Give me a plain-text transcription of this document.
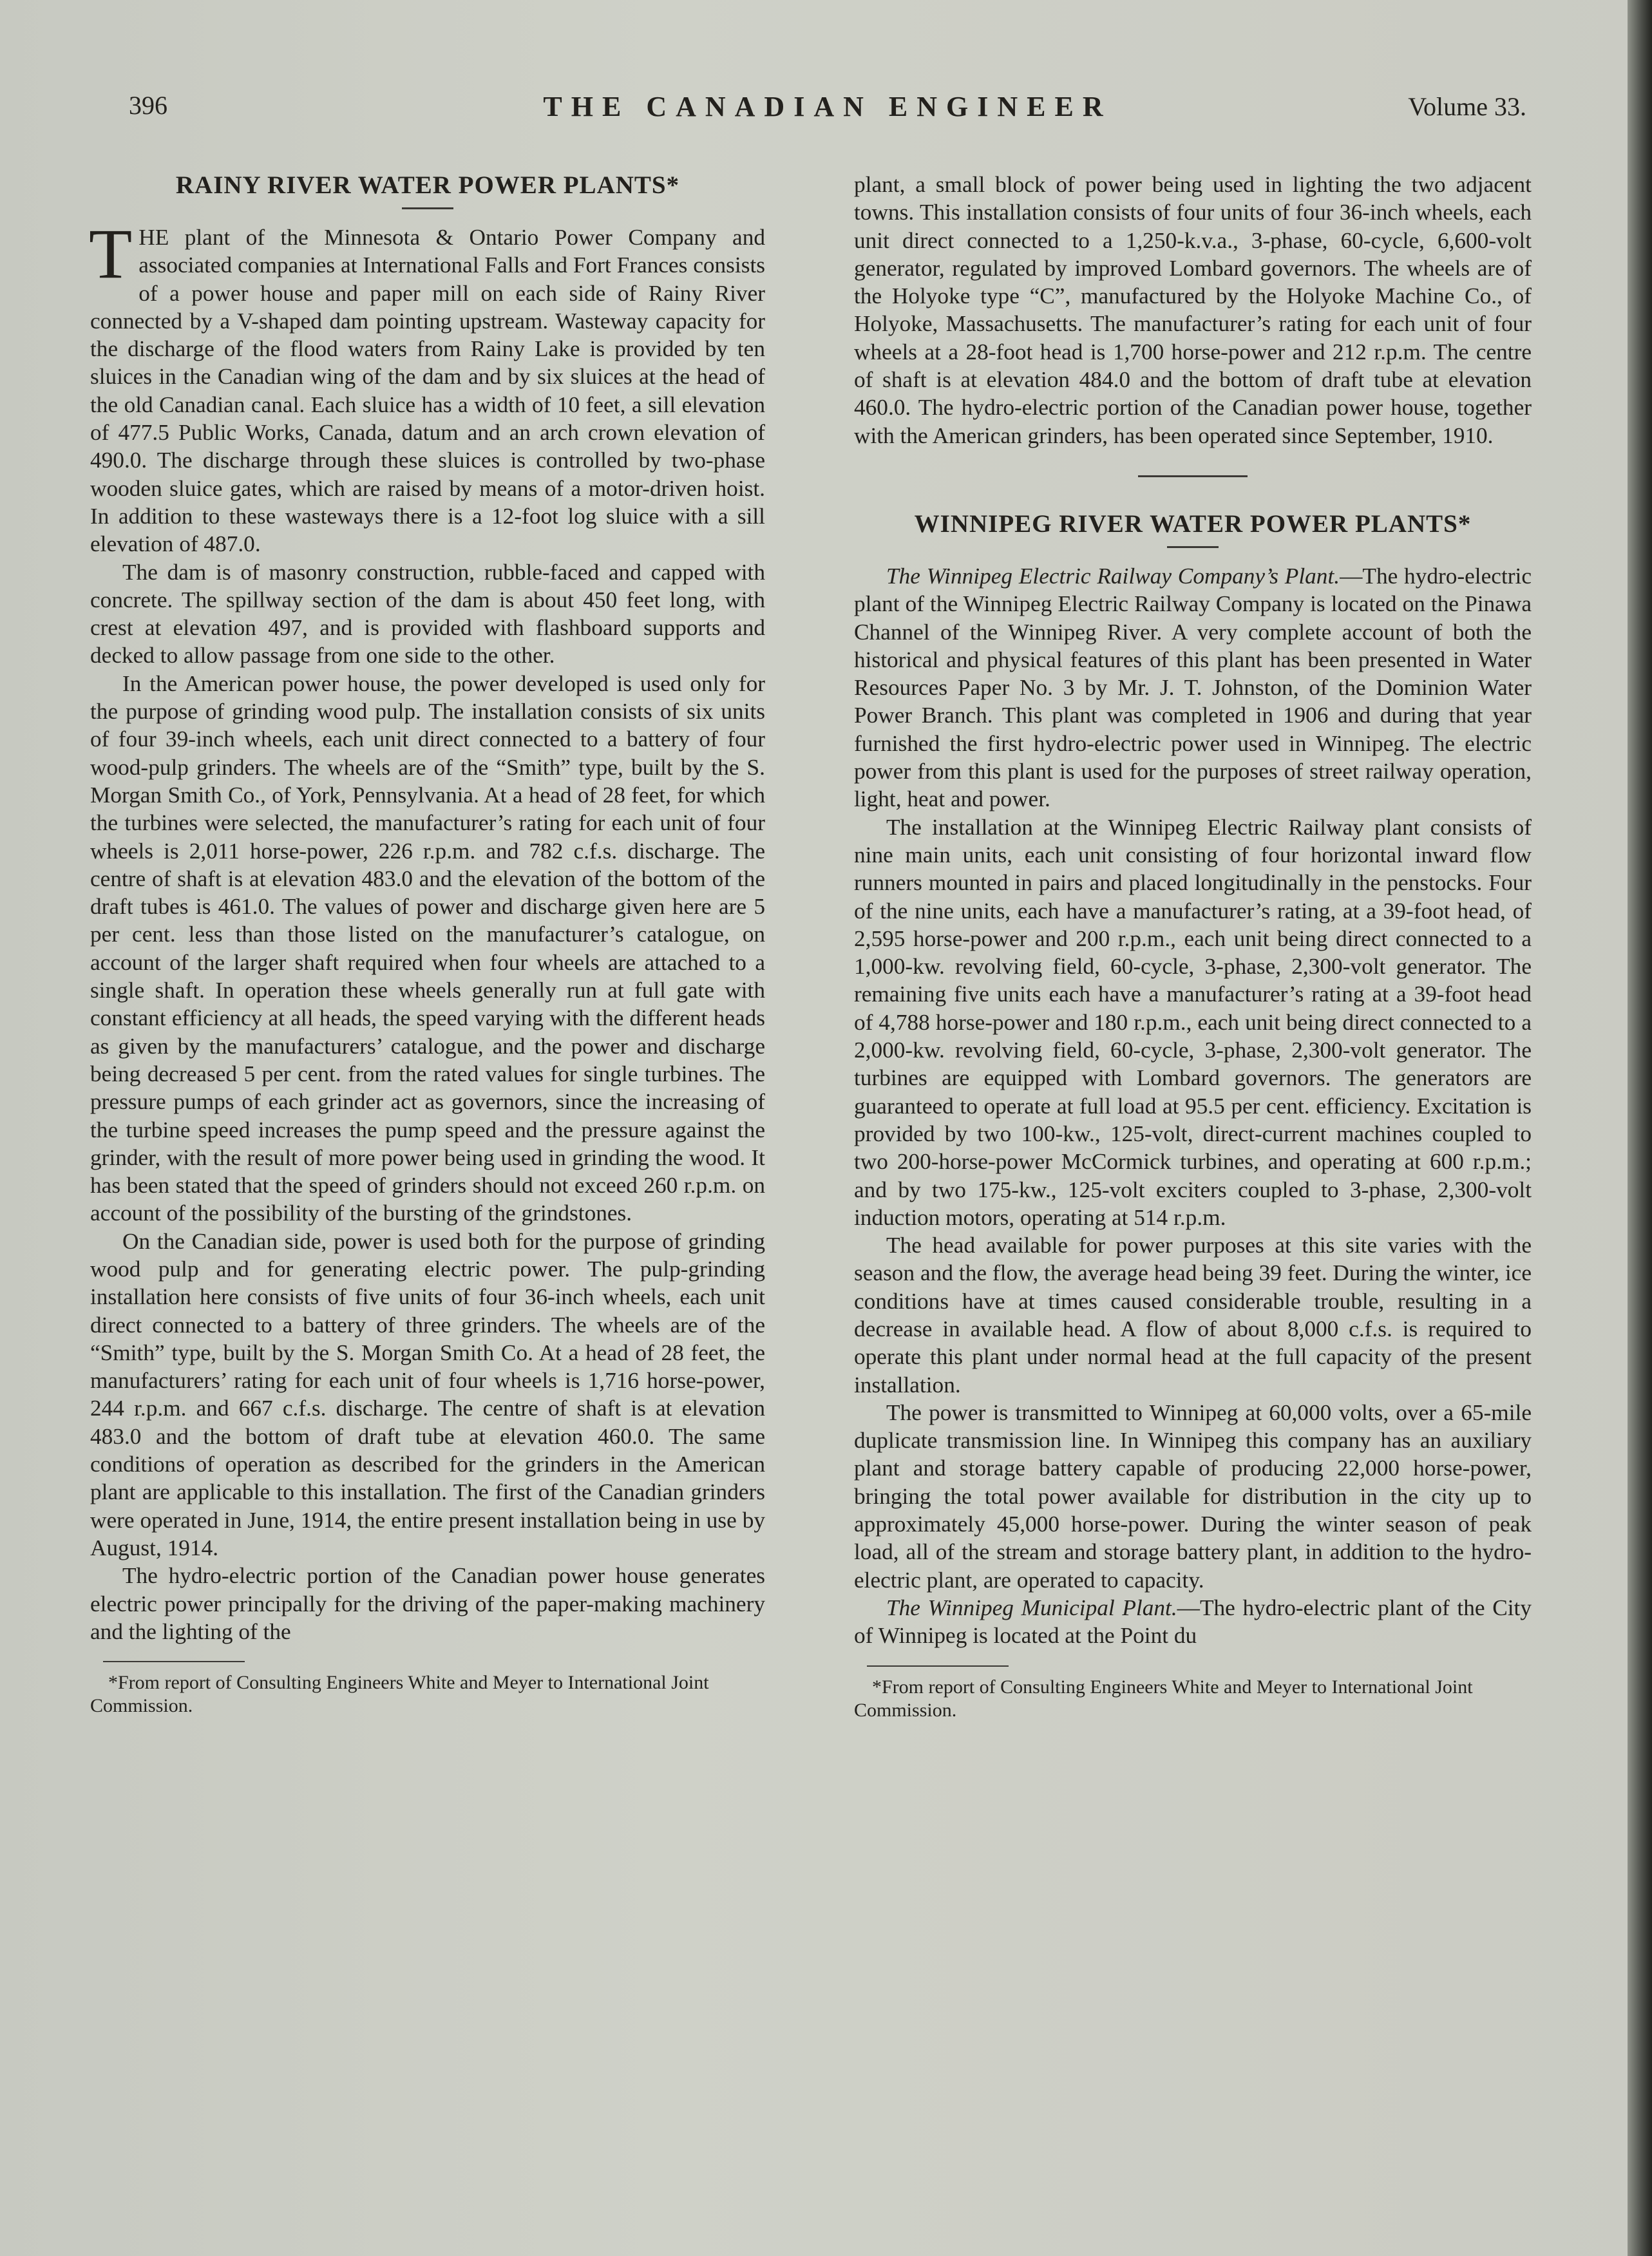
396	THE CANADIAN ENGINEER	Volume 33.
RAINY RIVER WATER POWER PLANTS*

THE plant of the Minnesota & Ontario Power Company and associated companies at International Falls and Fort Frances consists of a power house and paper mill on each side of Rainy River connected by a V-shaped dam pointing upstream. Wasteway capacity for the discharge of the flood waters from Rainy Lake is provided by ten sluices in the Canadian wing of the dam and by six sluices at the head of the old Canadian canal. Each sluice has a width of 10 feet, a sill elevation of 477.5 Public Works, Canada, datum and an arch crown elevation of 490.0. The discharge through these sluices is controlled by two-phase wooden sluice gates, which are raised by means of a motor-driven hoist. In addition to these wasteways there is a 12-foot log sluice with a sill elevation of 487.0.

The dam is of masonry construction, rubble-faced and capped with concrete. The spillway section of the dam is about 450 feet long, with crest at elevation 497, and is provided with flashboard supports and decked to allow passage from one side to the other.

In the American power house, the power developed is used only for the purpose of grinding wood pulp. The installation consists of six units of four 39-inch wheels, each unit direct connected to a battery of four wood-pulp grinders. The wheels are of the “Smith” type, built by the S. Morgan Smith Co., of York, Pennsylvania. At a head of 28 feet, for which the turbines were selected, the manufacturer’s rating for each unit of four wheels is 2,011 horse-power, 226 r.p.m. and 782 c.f.s. discharge. The centre of shaft is at elevation 483.0 and the elevation of the bottom of the draft tubes is 461.0. The values of power and discharge given here are 5 per cent. less than those listed on the manufacturer’s catalogue, on account of the larger shaft required when four wheels are attached to a single shaft. In operation these wheels generally run at full gate with constant efficiency at all heads, the speed varying with the different heads as given by the manufacturers’ catalogue, and the power and discharge being decreased 5 per cent. from the rated values for single turbines. The pressure pumps of each grinder act as governors, since the increasing of the turbine speed increases the pump speed and the pressure against the grinder, with the result of more power being used in grinding the wood. It has been stated that the speed of grinders should not exceed 260 r.p.m. on account of the possibility of the bursting of the grindstones.

On the Canadian side, power is used both for the purpose of grinding wood pulp and for generating electric power. The pulp-grinding installation here consists of five units of four 36-inch wheels, each unit direct connected to a battery of three grinders. The wheels are of the “Smith” type, built by the S. Morgan Smith Co. At a head of 28 feet, the manufacturers’ rating for each unit of four wheels is 1,716 horse-power, 244 r.p.m. and 667 c.f.s. discharge. The centre of shaft is at elevation 483.0 and the bottom of draft tube at elevation 460.0. The same conditions of operation as described for the grinders in the American plant are applicable to this installation. The first of the Canadian grinders were operated in June, 1914, the entire present installation being in use by August, 1914.

The hydro-electric portion of the Canadian power house generates electric power principally for the driving of the paper-making machinery and the lighting of the

*From report of Consulting Engineers White and Meyer to International Joint Commission.

plant, a small block of power being used in lighting the two adjacent towns. This installation consists of four units of four 36-inch wheels, each unit direct connected to a 1,250-k.v.a., 3-phase, 60-cycle, 6,600-volt generator, regulated by improved Lombard governors. The wheels are of the Holyoke type “C”, manufactured by the Holyoke Machine Co., of Holyoke, Massachusetts. The manufacturer’s rating for each unit of four wheels at a 28-foot head is 1,700 horse-power and 212 r.p.m. The centre of shaft is at elevation 484.0 and the bottom of draft tube at elevation 460.0. The hydro-electric portion of the Canadian power house, together with the American grinders, has been operated since September, 1910.

WINNIPEG RIVER WATER POWER PLANTS*

The Winnipeg Electric Railway Company’s Plant.—The hydro-electric plant of the Winnipeg Electric Railway Company is located on the Pinawa Channel of the Winnipeg River. A very complete account of both the historical and physical features of this plant has been presented in Water Resources Paper No. 3 by Mr. J. T. Johnston, of the Dominion Water Power Branch. This plant was completed in 1906 and during that year furnished the first hydro-electric power used in Winnipeg. The electric power from this plant is used for the purposes of street railway operation, light, heat and power.

The installation at the Winnipeg Electric Railway plant consists of nine main units, each unit consisting of four horizontal inward flow runners mounted in pairs and placed longitudinally in the penstocks. Four of the nine units, each have a manufacturer’s rating, at a 39-foot head, of 2,595 horse-power and 200 r.p.m., each unit being direct connected to a 1,000-kw. revolving field, 60-cycle, 3-phase, 2,300-volt generator. The remaining five units each have a manufacturer’s rating at a 39-foot head of 4,788 horse-power and 180 r.p.m., each unit being direct connected to a 2,000-kw. revolving field, 60-cycle, 3-phase, 2,300-volt generator. The turbines are equipped with Lombard governors. The generators are guaranteed to operate at full load at 95.5 per cent. efficiency. Excitation is provided by two 100-kw., 125-volt, direct-current machines coupled to two 200-horse-power McCormick turbines, and operating at 600 r.p.m.; and by two 175-kw., 125-volt exciters coupled to 3-phase, 2,300-volt induction motors, operating at 514 r.p.m.

The head available for power purposes at this site varies with the season and the flow, the average head being 39 feet. During the winter, ice conditions have at times caused considerable trouble, resulting in a decrease in available head. A flow of about 8,000 c.f.s. is required to operate this plant under normal head at the full capacity of the present installation.

The power is transmitted to Winnipeg at 60,000 volts, over a 65-mile duplicate transmission line. In Winnipeg this company has an auxiliary plant and storage battery capable of producing 22,000 horse-power, bringing the total power available for distribution in the city up to approximately 45,000 horse-power. During the winter season of peak load, all of the stream and storage battery plant, in addition to the hydro-electric plant, are operated to capacity.

The Winnipeg Municipal Plant.—The hydro-electric plant of the City of Winnipeg is located at the Point du

*From report of Consulting Engineers White and Meyer to International Joint Commission.
